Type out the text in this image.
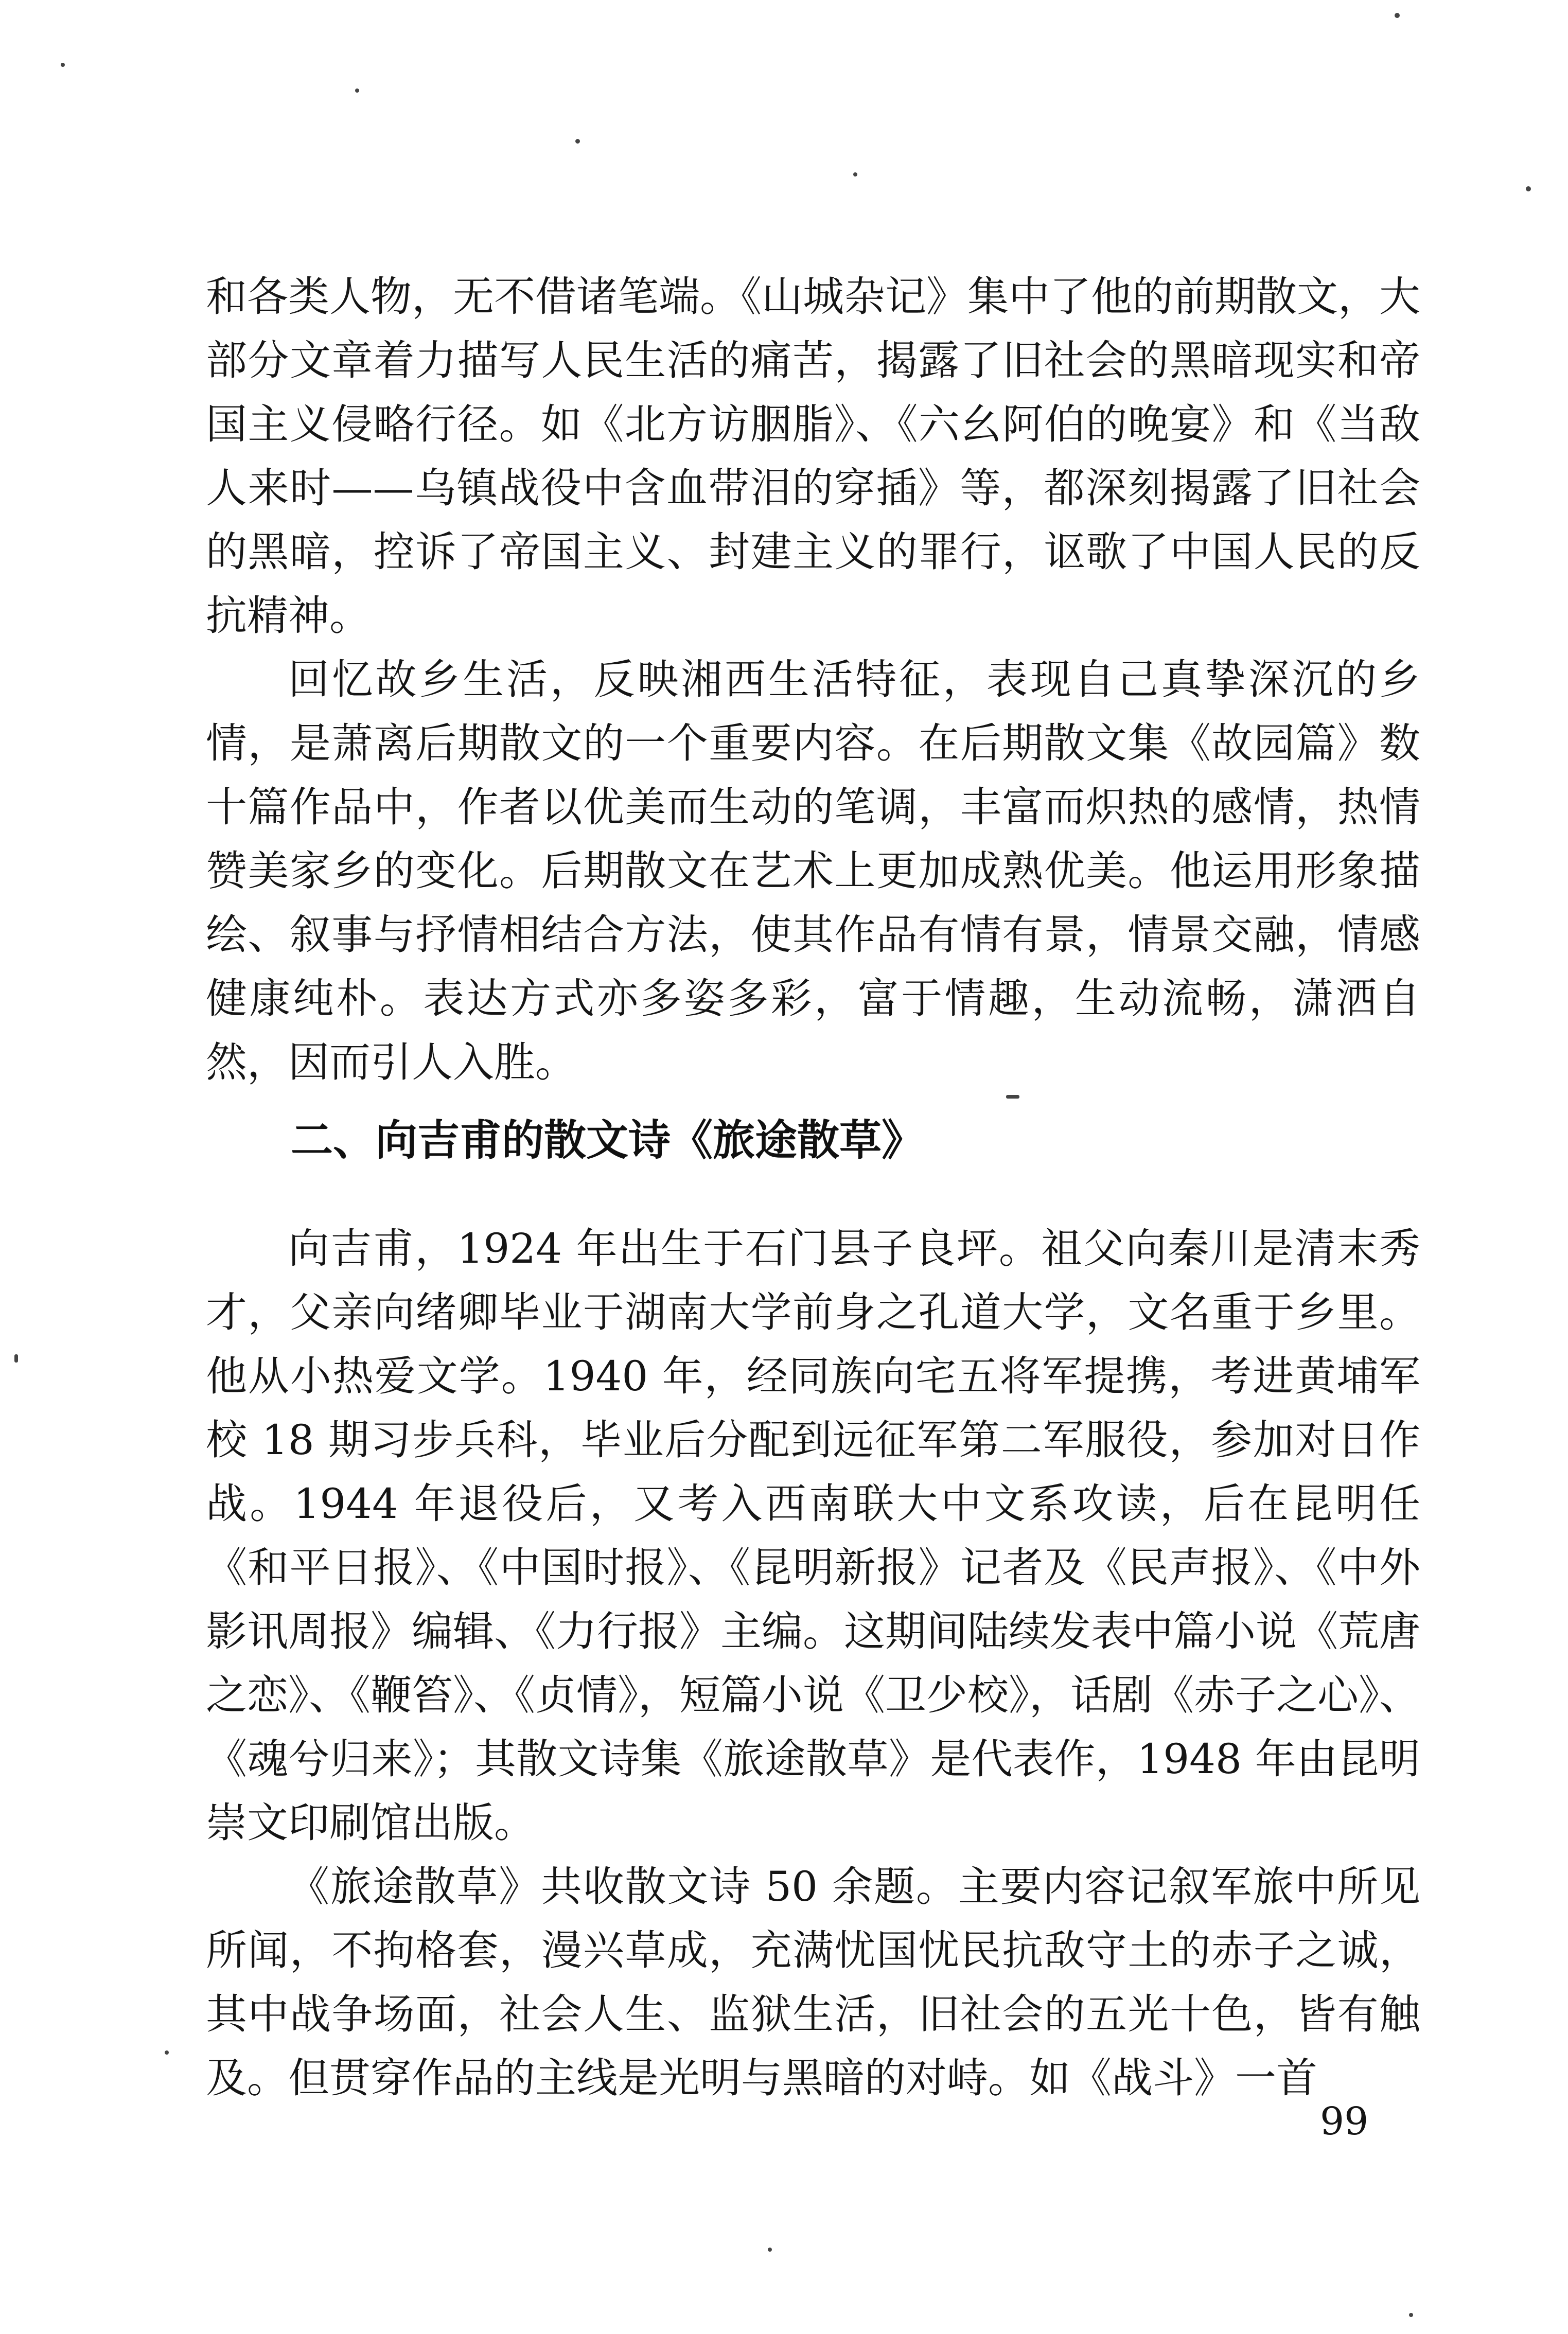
和各类人物，无不借诸笔端。《山城杂记》集中了他的前期散文，大部分文章着力描写人民生活的痛苦，揭露了旧社会的黑暗现实和帝国主义侵略行径。如《北方访胭脂》、《六幺阿伯的晚宴》和《当敌人来时——乌镇战役中含血带泪的穿插》等，都深刻揭露了旧社会的黑暗，控诉了帝国主义、封建主义的罪行，讴歌了中国人民的反抗精神。

回忆故乡生活，反映湘西生活特征，表现自己真挚深沉的乡情，是萧离后期散文的一个重要内容。在后期散文集《故园篇》数十篇作品中，作者以优美而生动的笔调，丰富而炽热的感情，热情赞美家乡的变化。后期散文在艺术上更加成熟优美。他运用形象描绘、叙事与抒情相结合方法，使其作品有情有景，情景交融，情感健康纯朴。表达方式亦多姿多彩，富于情趣，生动流畅，潇洒自然，因而引人入胜。

二、向吉甫的散文诗《旅途散草》

向吉甫，1924 年出生于石门县子良坪。祖父向秦川是清末秀才，父亲向绪卿毕业于湖南大学前身之孔道大学，文名重于乡里。他从小热爱文学。1940 年，经同族向宅五将军提携，考进黄埔军校 18 期习步兵科，毕业后分配到远征军第二军服役，参加对日作战。1944 年退役后，又考入西南联大中文系攻读，后在昆明任《和平日报》、《中国时报》、《昆明新报》记者及《民声报》、《中外影讯周报》编辑、《力行报》主编。这期间陆续发表中篇小说《荒唐之恋》、《鞭笞》、《贞情》，短篇小说《卫少校》，话剧《赤子之心》、《魂兮归来》；其散文诗集《旅途散草》是代表作，1948 年由昆明崇文印刷馆出版。

《旅途散草》共收散文诗 50 余题。主要内容记叙军旅中所见所闻，不拘格套，漫兴草成，充满忧国忧民抗敌守土的赤子之诚，其中战争场面，社会人生、监狱生活，旧社会的五光十色，皆有触及。但贯穿作品的主线是光明与黑暗的对峙。如《战斗》一首

99
